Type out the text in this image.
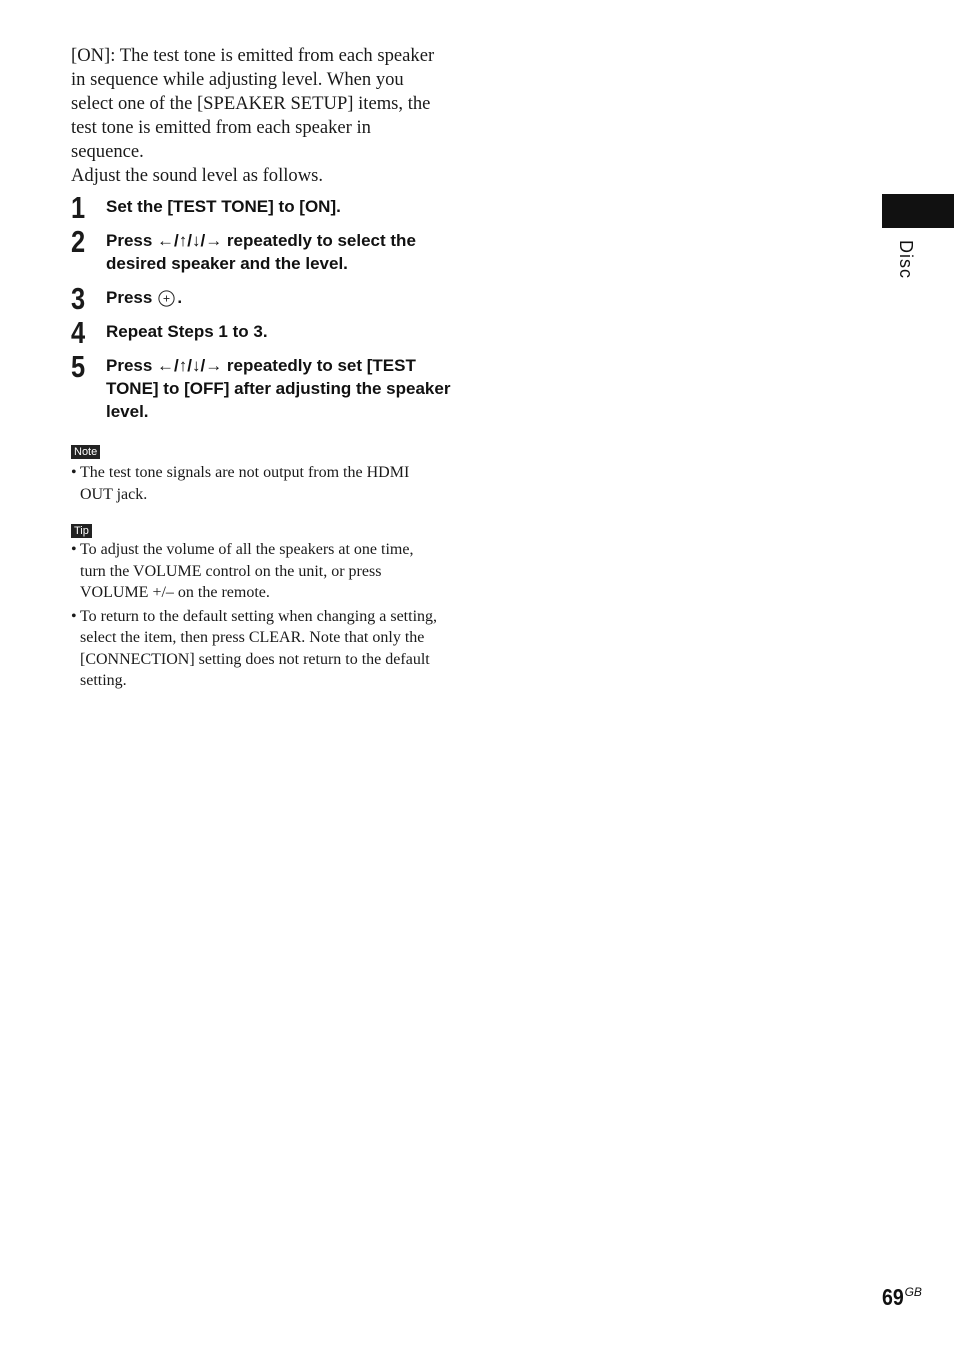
[ON]: The test tone is emitted from each speaker in sequence while adjusting level. When you select one of the [SPEAKER SETUP] items, the test tone is emitted from each speaker in sequence.

Adjust the sound level as follows.

1 Set the [TEST TONE] to [ON].
2 Press ←/↑/↓/→ repeatedly to select the desired speaker and the level.
3 Press .
4 Repeat Steps 1 to 3.
5 Press ←/↑/↓/→ repeatedly to set [TEST TONE] to [OFF] after adjusting the speaker level.
Note
• The test tone signals are not output from the HDMI OUT jack.
Tip
• To adjust the volume of all the speakers at one time, turn the VOLUME control on the unit, or press VOLUME +/– on the remote.
• To return to the default setting when changing a setting, select the item, then press CLEAR. Note that only the [CONNECTION] setting does not return to the default setting.
Disc
$69^{GB}$
